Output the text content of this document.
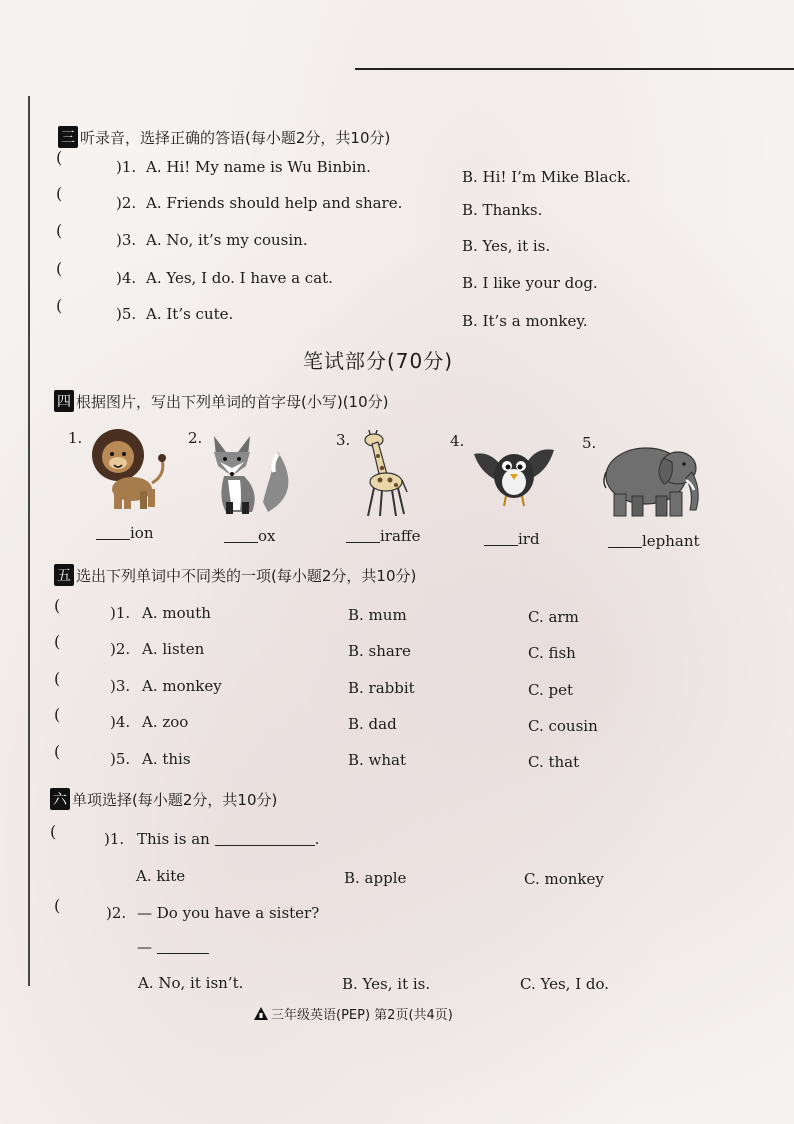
三 听录音，选择正确的答语(每小题2分，共10分)
(	)1. A. Hi! My name is Wu Binbin.
B. Hi! I’m Mike Black.
(	)2. A. Friends should help and share.	B. Thanks.
(	)3. A. No, it’s my cousin.	B. Yes, it is.
(	)4. A. Yes, I do. I have a cat.	B. I like your dog.
(	)5. A. It’s cute.	B. It’s a monkey.
笔试部分(70分)
四 根据图片，写出下列单词的首字母(小写)(10分)
1.
ion
2.
ox
3.
iraffe
4.
ird
5.
lephant
五 选出下列单词中不同类的一项(每小题2分，共10分)
(	)1. A. mouth	B. mum	C. arm
(	)2. A. listen	B. share	C. fish
(	)3. A. monkey	B. rabbit	C. pet
(	)4. A. zoo	B. dad	C. cousin
(	)5. A. this	B. what	C. that
六 单项选择(每小题2分，共10分)
(	)1. This is an	.
A. kite	B. apple	C. monkey
(	)2. — Do you have a sister?
—
A. No, it isn’t.	B. Yes, it is.	C. Yes, I do.
三年级英语(PEP) 第2页(共4页)
